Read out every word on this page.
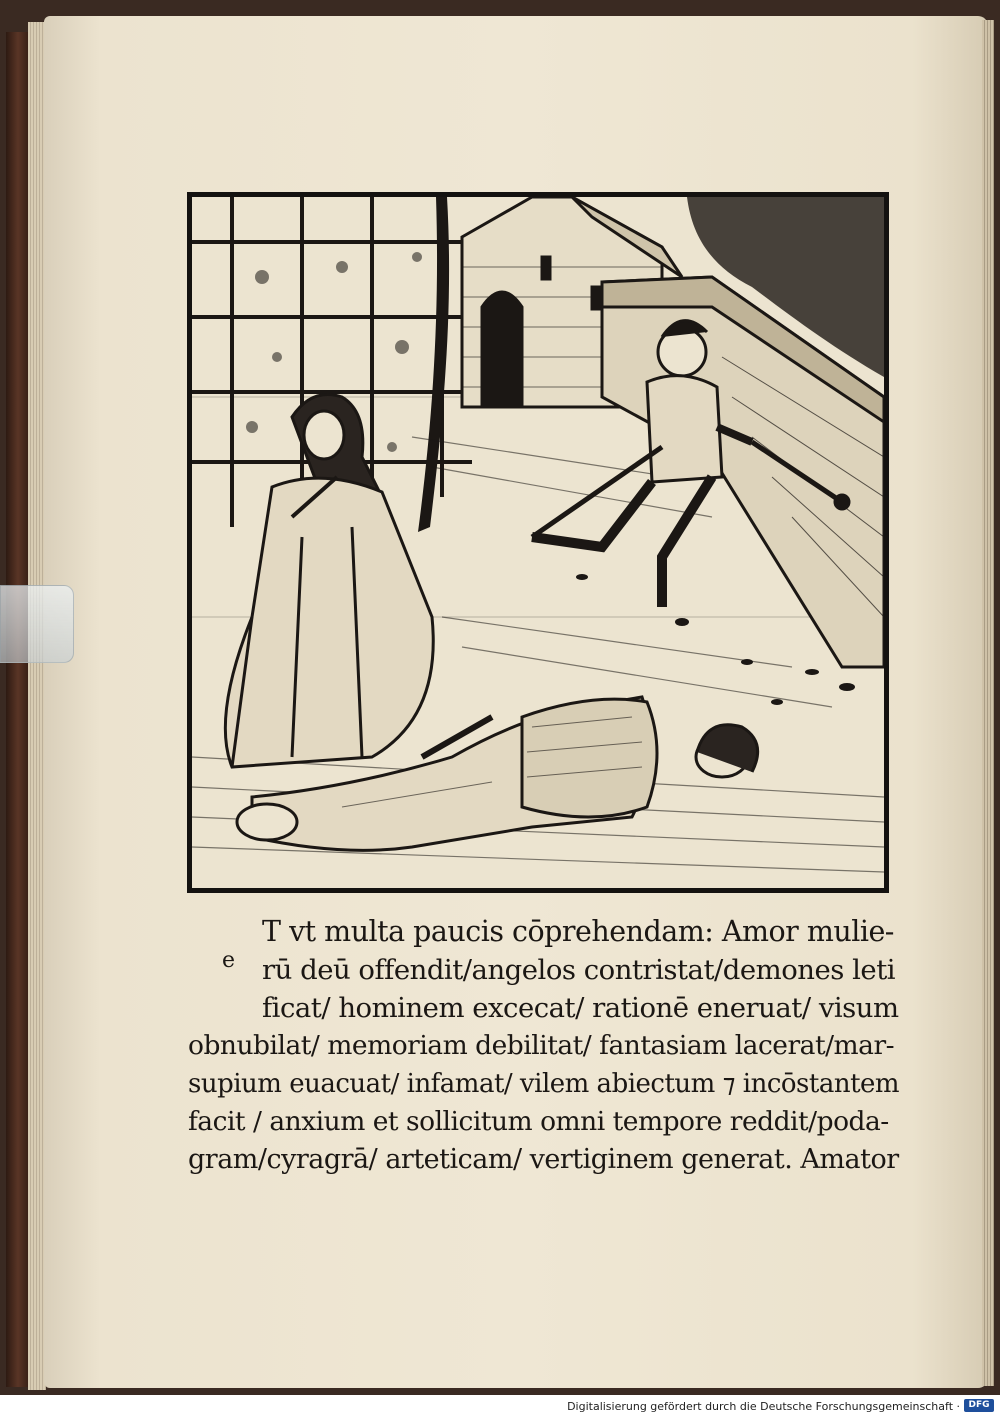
e
T vt multa paucis cōprehendam: Amor mulie-
rū deū offendit/angelos contristat/demones leti
ficat/ hominem excecat/ rationē eneruat/ visum
obnubilat/ memoriam debilitat/ fantasiam lacerat/mar-
supium euacuat/ infamat/ vilem abiectum ⁊ incōstantem
facit / anxium et sollicitum omni tempore reddit/poda-
gram/cyragrā/ arteticam/ vertiginem generat. Amator
Digitalisierung gefördert durch die Deutsche Forschungsgemeinschaft · DFG
